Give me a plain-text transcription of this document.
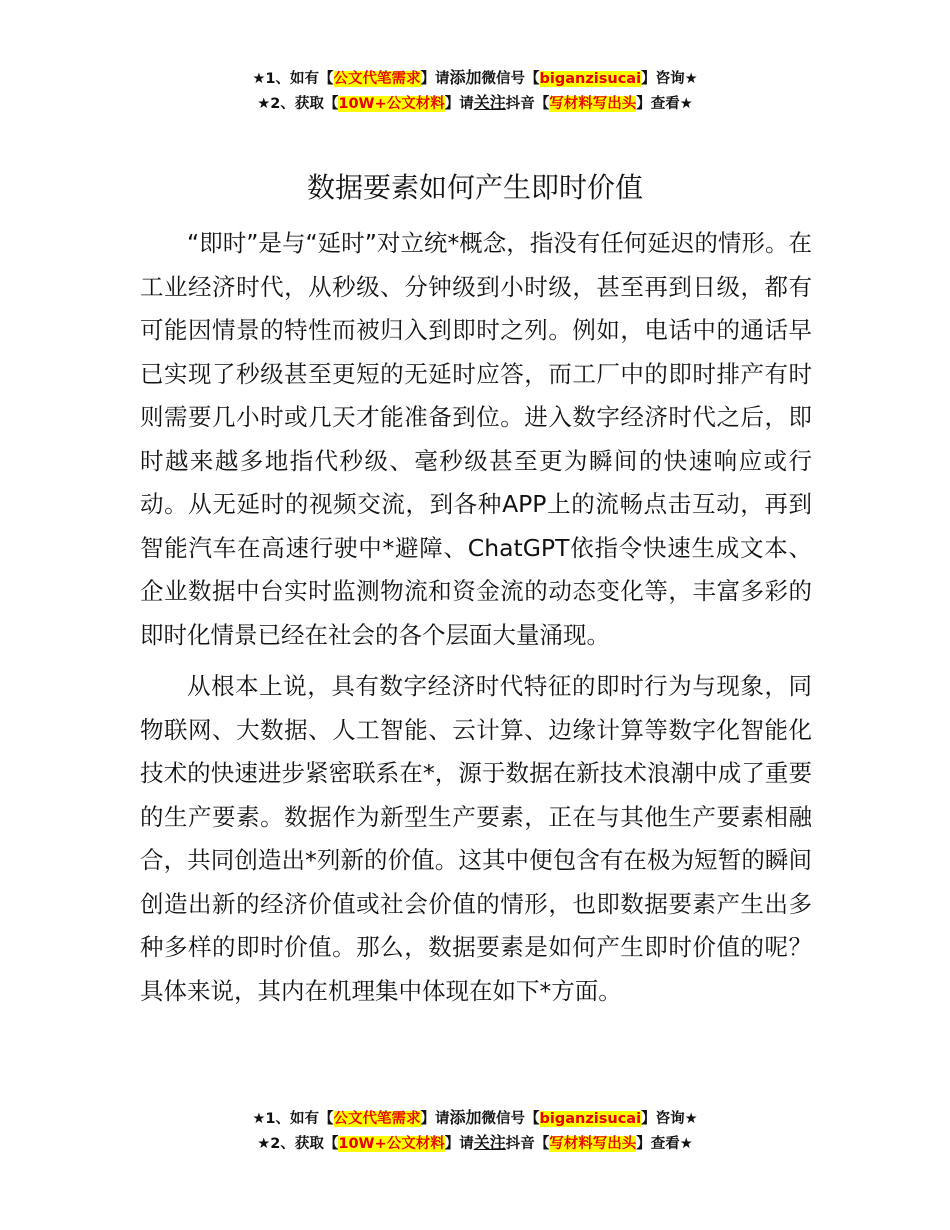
★1、如有【公文代笔需求】请添加微信号【biganzisucai】咨询★
★2、获取【10W+公文材料】请关注抖音【写材料写出头】查看★
数据要素如何产生即时价值

“即时”是与“延时”对立统*概念，指没有任何延迟的情形。在工业经济时代，从秒级、分钟级到小时级，甚至再到日级，都有可能因情景的特性而被归入到即时之列。例如，电话中的通话早已实现了秒级甚至更短的无延时应答，而工厂中的即时排产有时则需要几小时或几天才能准备到位。进入数字经济时代之后，即时越来越多地指代秒级、毫秒级甚至更为瞬间的快速响应或行动。从无延时的视频交流，到各种APP上的流畅点击互动，再到智能汽车在高速行驶中*避障、ChatGPT依指令快速生成文本、企业数据中台实时监测物流和资金流的动态变化等，丰富多彩的即时化情景已经在社会的各个层面大量涌现。

从根本上说，具有数字经济时代特征的即时行为与现象，同物联网、大数据、人工智能、云计算、边缘计算等数字化智能化技术的快速进步紧密联系在*，源于数据在新技术浪潮中成了重要的生产要素。数据作为新型生产要素，正在与其他生产要素相融合，共同创造出*列新的价值。这其中便包含有在极为短暂的瞬间创造出新的经济价值或社会价值的情形，也即数据要素产生出多种多样的即时价值。那么，数据要素是如何产生即时价值的呢？具体来说，其内在机理集中体现在如下*方面。

★1、如有【公文代笔需求】请添加微信号【biganzisucai】咨询★
★2、获取【10W+公文材料】请关注抖音【写材料写出头】查看★
